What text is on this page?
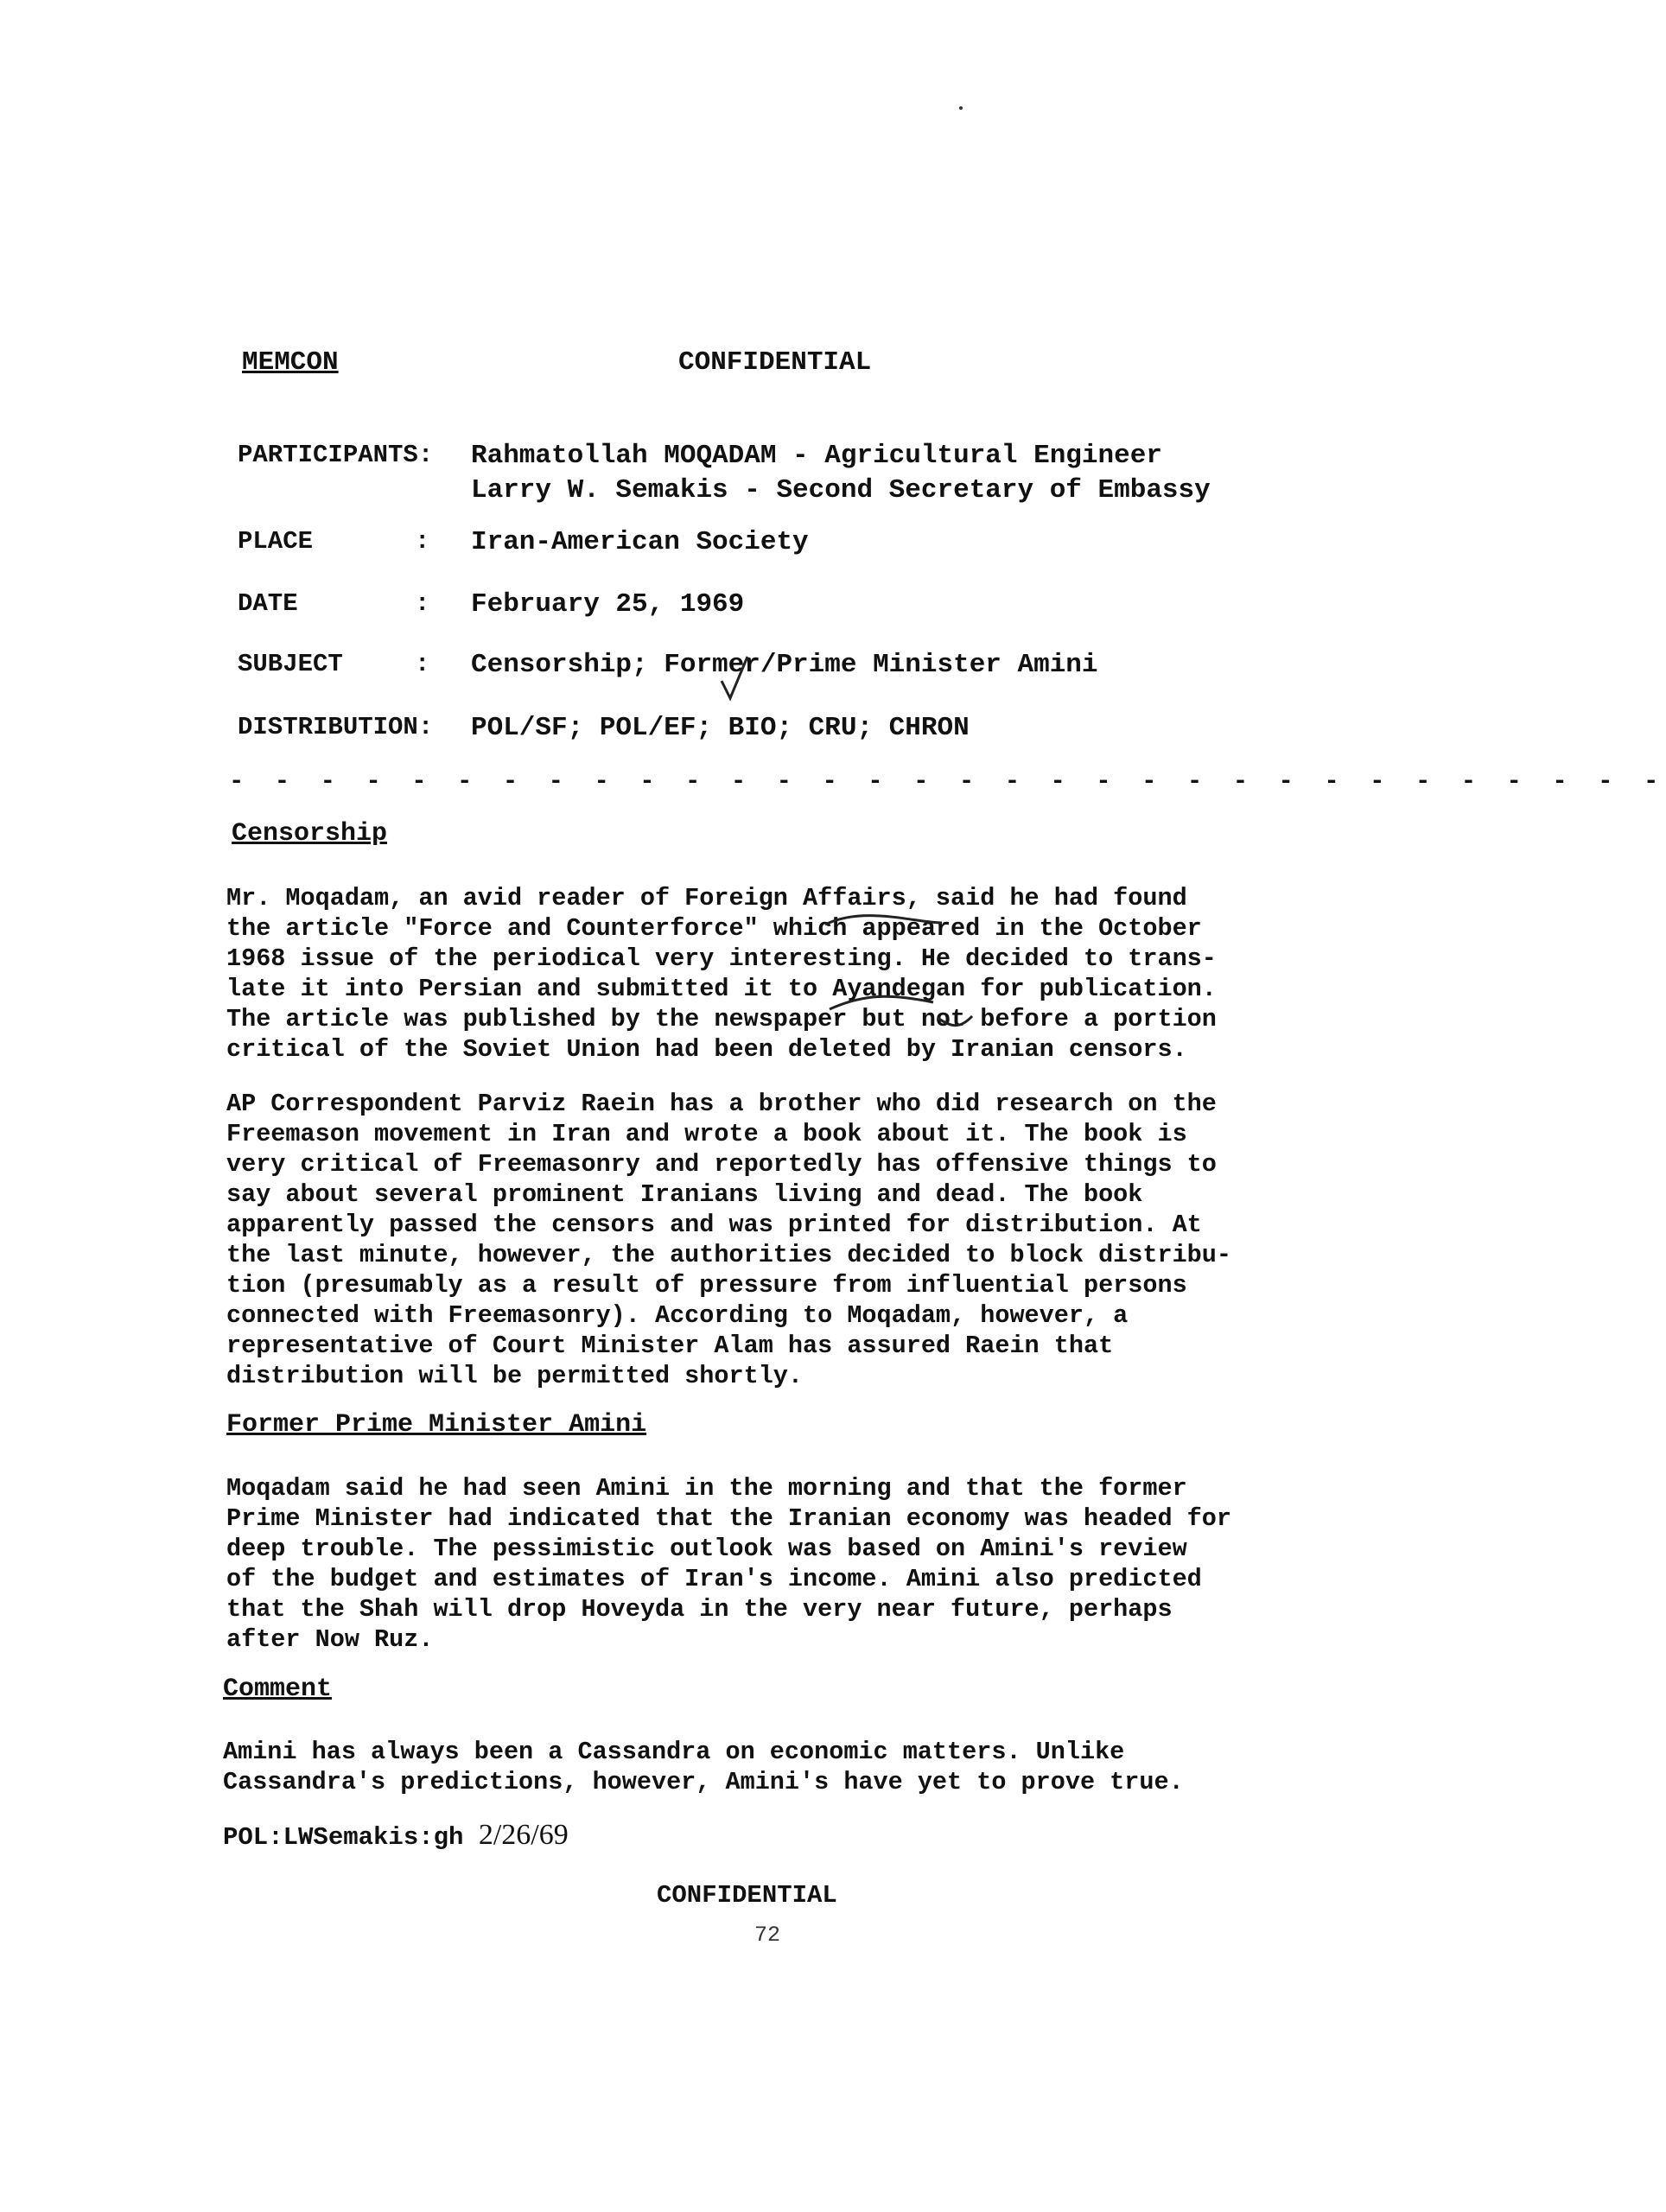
MEMCON	CONFIDENTIAL
PARTICIPANTS: Rahmatollah MOQADAM - Agricultural Engineer
Larry W. Semakis - Second Secretary of Embassy
PLACE	: Iran-American Society
DATE	: February 25, 1969
SUBJECT	: Censorship; Former/Prime Minister Amini
DISTRIBUTION: POL/SF; POL/EF; BIO; CRU; CHRON
- - - - - - - - - - - - - - - - - - - - - - - - - - - - - - - -
Censorship
Mr. Moqadam, an avid reader of Foreign Affairs, said he had found
the article "Force and Counterforce" which appeared in the October
1968 issue of the periodical very interesting. He decided to trans-
late it into Persian and submitted it to Ayandegan for publication.
The article was published by the newspaper but not before a portion
critical of the Soviet Union had been deleted by Iranian censors.
AP Correspondent Parviz Raein has a brother who did research on the
Freemason movement in Iran and wrote a book about it. The book is
very critical of Freemasonry and reportedly has offensive things to
say about several prominent Iranians living and dead. The book
apparently passed the censors and was printed for distribution. At
the last minute, however, the authorities decided to block distribu-
tion (presumably as a result of pressure from influential persons
connected with Freemasonry). According to Moqadam, however, a
representative of Court Minister Alam has assured Raein that
distribution will be permitted shortly.
Former Prime Minister Amini
Moqadam said he had seen Amini in the morning and that the former
Prime Minister had indicated that the Iranian economy was headed for
deep trouble. The pessimistic outlook was based on Amini's review
of the budget and estimates of Iran's income. Amini also predicted
that the Shah will drop Hoveyda in the very near future, perhaps
after Now Ruz.
Comment
Amini has always been a Cassandra on economic matters. Unlike
Cassandra's predictions, however, Amini's have yet to prove true.
POL:LWSemakis:gh 2/26/69
CONFIDENTIAL
72
